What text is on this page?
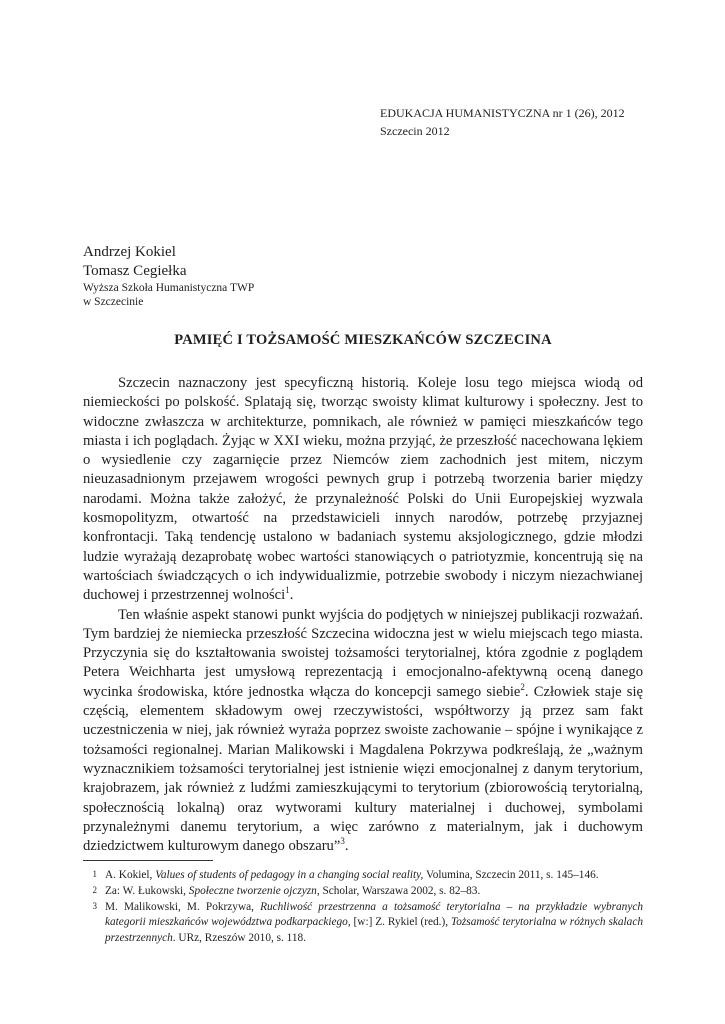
EDUKACJA HUMANISTYCZNA nr 1 (26), 2012
Szczecin 2012

Andrzej Kokiel

Tomasz Cegiełka

Wyższa Szkoła Humanistyczna TWP

w Szczecinie

PAMIĘĆ I TOŻSAMOŚĆ MIESZKAŃCÓW SZCZECINA

Szczecin naznaczony jest specyficzną historią. Koleje losu tego miejsca wiodą od niemieckości po polskość. Splatają się, tworząc swoisty klimat kulturowy i społeczny. Jest to widoczne zwłaszcza w architekturze, pomnikach, ale również w pamięci mieszkańców tego miasta i ich poglądach. Żyjąc w XXI wieku, można przyjąć, że przeszłość nacechowana lękiem o wysiedlenie czy zagarnięcie przez Niemców ziem zachodnich jest mitem, niczym nieuzasadnionym przejawem wrogości pewnych grup i potrzebą tworzenia barier między narodami. Można także założyć, że przynależność Polski do Unii Europejskiej wyzwala kosmopolityzm, otwartość na przedstawicieli innych narodów, potrzebę przyjaznej konfrontacji. Taką tendencję ustalono w badaniach systemu aksjologicznego, gdzie młodzi ludzie wyrażają dezaprobatę wobec wartości stanowiących o patriotyzmie, koncentrują się na wartościach świadczących o ich indywidualizmie, potrzebie swobody i niczym niezachwianej duchowej i przestrzennej wolności$^1$.

Ten właśnie aspekt stanowi punkt wyjścia do podjętych w niniejszej publikacji rozważań. Tym bardziej że niemiecka przeszłość Szczecina widoczna jest w wielu miejscach tego miasta. Przyczynia się do kształtowania swoistej tożsamości terytorialnej, która zgodnie z poglądem Petera Weichharta jest umysłową reprezentacją i emocjonalno-afektywną oceną danego wycinka środowiska, które jednostka włącza do koncepcji samego siebie$^2$. Człowiek staje się częścią, elementem składowym owej rzeczywistości, współtworzy ją przez sam fakt uczestniczenia w niej, jak również wyraża poprzez swoiste zachowanie – spójne i wynikające z tożsamości regionalnej. Marian Malikowski i Magdalena Pokrzywa podkreślają, że „ważnym wyznacznikiem tożsamości terytorialnej jest istnienie więzi emocjonalnej z danym terytorium, krajobrazem, jak również z ludźmi zamieszkującymi to terytorium (zbiorowością terytorialną, społecznością lokalną) oraz wytworami kultury materialnej i duchowej, symbolami przynależnymi danemu terytorium, a więc zarówno z materialnym, jak i duchowym dziedzictwem kulturowym danego obszaru”$^3$.

1 A. Kokiel, Values of students of pedagogy in a changing social reality, Volumina, Szczecin 2011, s. 145–146.
2 Za: W. Łukowski, Społeczne tworzenie ojczyzn, Scholar, Warszawa 2002, s. 82–83.
3 M. Malikowski, M. Pokrzywa, Ruchliwość przestrzenna a tożsamość terytorialna – na przykładzie wybranych kategorii mieszkańców województwa podkarpackiego, [w:] Z. Rykiel (red.), Tożsamość terytorialna w różnych skalach przestrzennych. URz, Rzeszów 2010, s. 118.
